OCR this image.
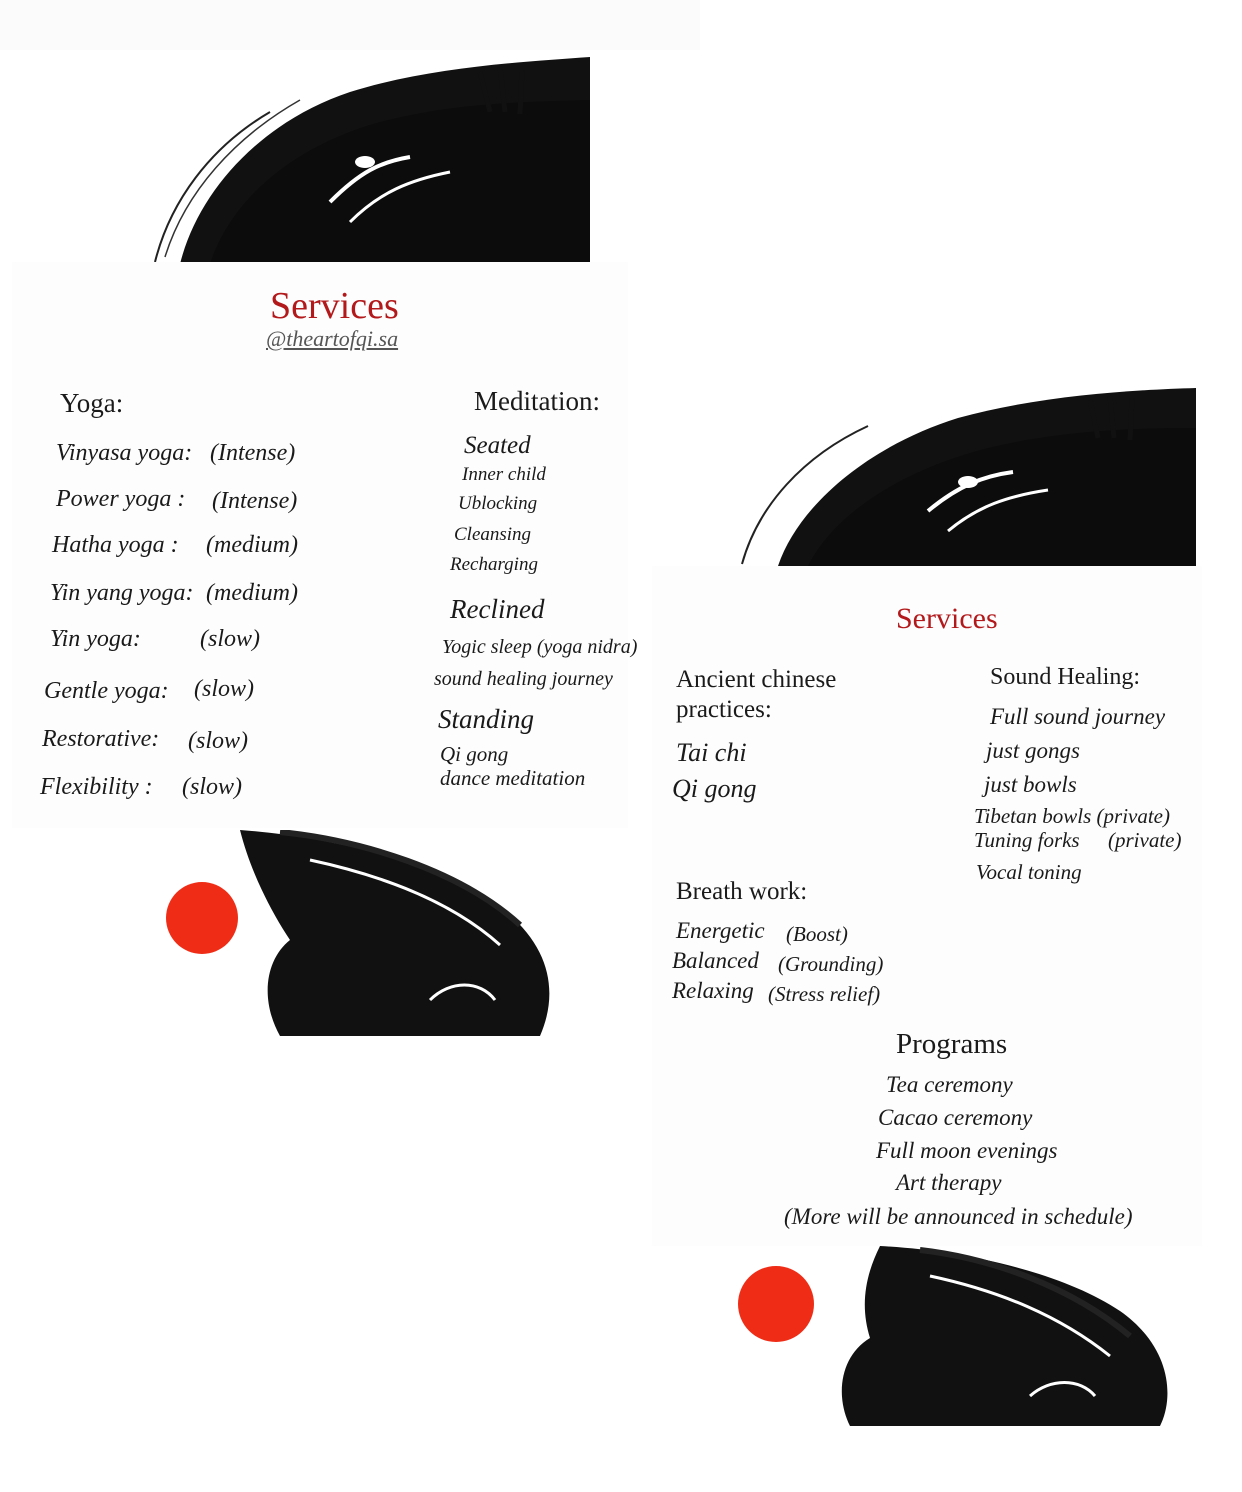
Services
@theartofqi.sa
Yoga:
Vinyasa yoga: (Intense)
Power yoga : (Intense)
Hatha yoga : (medium)
Yin yang yoga: (medium)
Yin yoga: (slow)
Gentle yoga: (slow)
Restorative: (slow)
Flexibility : (slow)
Meditation:
Seated
Inner child
Ublocking
Cleansing
Recharging
Reclined
Yogic sleep (yoga nidra)
sound healing journey
Standing
Qi gong
dance meditation
Services
Ancient chinese
practices:
Tai chi
Qi gong
Sound Healing:
Full sound journey
just gongs
just bowls
Tibetan bowls (private)
Tuning forks (private)
Vocal toning
Breath work:
Energetic (Boost)
Balanced (Grounding)
Relaxing (Stress relief)
Programs
Tea ceremony
Cacao ceremony
Full moon evenings
Art therapy
(More will be announced in schedule)
